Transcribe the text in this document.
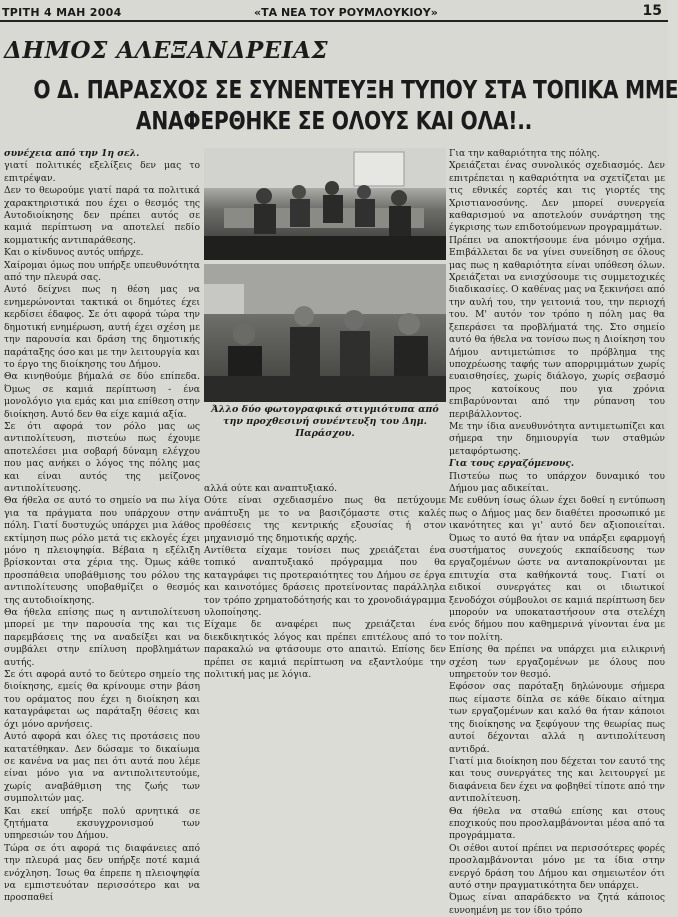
ΤΡΙΤΗ 4 ΜΑΗ 2004	«ΤΑ ΝΕΑ ΤΟΥ ΡΟΥΜΛΟΥΚΙΟΥ»	15
ΔΗΜΟΣ ΑΛΕΞΑΝΔΡΕΙΑΣ
Ο Δ. ΠΑΡΑΣΧΟΣ ΣΕ ΣΥΝΕΝΤΕΥΞΗ ΤΥΠΟΥ ΣΤΑ ΤΟΠΙΚΑ ΜΜΕ
ΑΝΑΦΕΡΘΗΚΕ ΣΕ ΟΛΟΥΣ ΚΑΙ ΟΛΑ!..

συνέχεια από την 1η σελ.

γιατί πολιτικές εξελίξεις δεν μας το επιτρέψαν.

Δεν το θεωρούμε γιατί παρά τα πολιτικά χαρακτηριστικά που έχει ο θεσμός της Αυτοδιοίκησης δεν πρέπει αυτός σε καμιά περίπτωση να αποτελεί πεδίο κομματικής αντιπαράθεσης.

Και ο κίνδυνος αυτός υπήρχε.

Χαίρομαι όμως που υπήρξε υπευθυνότητα από την πλευρά σας.

Αυτό δείχνει πως η θέση μας να ενημερώνονται τακτικά οι δημότες έχει κερδίσει έδαφος. Σε ότι αφορά τώρα την δημοτική ενημέρωση, αυτή έχει σχέση με την παρουσία και δράση της δημοτικής παράταξης όσο και με την λειτουργία και το έργο της διοίκησης του Δήμου.

Θα κινηθούμε βήμαλά σε δύο επίπεδα. Όμως σε καμιά περίπτωση - ένα μονολόγιο για εμάς και μια επίθεση στην διοίκηση. Αυτό δεν θα είχε καμιά αξία.

Σε ότι αφορά τον ρόλο μας ως αντιπολίτευση, πιστεύω πως έχουμε αποτελέσει μια σοβαρή δύναμη ελέγχου που μας ανήκει ο λόγος της πόλης μας και είναι αυτός της μείζονος αντιπολίτευσης.

Θα ήθελα σε αυτό το σημείο να πω λίγα για τα πράγματα που υπάρχουν στην πόλη. Γιατί δυστυχώς υπάρχει μια λάθος εκτίμηση πως ρόλο μετά τις εκλογές έχει μόνο η πλειοψηφία. Βέβαια η εξέλιξη βρίσκονται στα χέρια της. Όμως κάθε προσπάθεια υποβάθμισης του ρόλου της αντιπολίτευσης υποβαθμίζει ο θεσμός της αυτοδιοίκησης.

Θα ήθελα επίσης πως η αντιπολίτευση μπορεί με την παρουσία της και τις παρεμβάσεις της να αναδείξει και να συμβάλει στην επίλυση προβλημάτων αυτής.

Σε ότι αφορά αυτό το δεύτερο σημείο της διοίκησης, εμείς θα κρίνουμε στην βάση του οράματος που έχει η διοίκηση και καταγράφεται ως παράταξη θέσεις και όχι μόνο αρνήσεις.

Αυτό αφορά και όλες τις προτάσεις που κατατέθηκαν. Δεν δώσαμε το δικαίωμα σε κανένα να μας πει ότι αυτά που λέμε είναι μόνο για να αντιπολιτευτούμε, χωρίς αναβάθμιση της ζωής των συμπολιτών μας.

Και εκεί υπήρξε πολύ αρνητικά σε ζητήματα εκσυγχρονισμού των υπηρεσιών του Δήμου.

Τώρα σε ότι αφορά τις διαφάνειες από την πλευρά μας δεν υπήρξε ποτέ καμιά ενόχληση. Ίσως θα έπρεπε η πλειοψηφία να εμπιστευόταν περισσότερο και να προσπαθεί

Άλλο δύο φωτογραφικά στιγμιότυπα από την προχθεσινή συνέντευξη του Δημ. Παράσχου.

αλλά ούτε και αναπτυξιακό.

Ούτε είναι σχεδιασμένο πως θα πετύχουμε ανάπτυξη με το να βασιζόμαστε στις καλές προθέσεις της κεντρικής εξουσίας ή στον μηχανισμό της δημοτικής αρχής.

Αντίθετα είχαμε τονίσει πως χρειάζεται ένα τοπικό αναπτυξιακό πρόγραμμα που θα καταγράφει τις προτεραιότητες του Δήμου σε έργα και καινοτόμες δράσεις προτείνοντας παράλληλα τον τρόπο χρηματοδότησής και το χρονοδιάγραμμα υλοποίησης.

Είχαμε δε αναφέρει πως χρειάζεται ένα διεκδικητικός λόγος και πρέπει επιτέλους από το παρακαλώ να φτάσουμε στο απαιτώ. Επίσης δεν πρέπει σε καμιά περίπτωση να εξαντλούμε την πολιτική μας με λόγια.

Για την καθαριότητα της πόλης.

Χρειάζεται ένας συνολικός σχεδιασμός. Δεν επιτρέπεται η καθαριότητα να σχετίζεται με τις εθνικές εορτές και τις γιορτές της Χριστιανοσύνης. Δεν μπορεί συνεργεία καθαρισμού να αποτελούν συνάρτηση της έγκρισης των επιδοτούμενων προγραμμάτων.

Πρέπει να αποκτήσουμε ένα μόνιμο σχήμα. Επιβάλλεται δε να γίνει συνείδηση σε όλους μας πως η καθαριότητα είναι υπόθεση όλων. Χρειάζεται να ενισχύσουμε τις συμμετοχικές διαδικασίες. Ο καθένας μας να ξεκινήσει από την αυλή του, την γειτονιά του, την περιοχή του. Μ' αυτόν τον τρόπο η πόλη μας θα ξεπεράσει τα προβλήματά της. Στο σημείο αυτό θα ήθελα να τονίσω πως η Διοίκηση του Δήμου αντιμετώπισε το πρόβλημα της υποχρέωσης ταφής των απορριμμάτων χωρίς ευαισθησίες, χωρίς διάλογο, χωρίς σεβασμό προς κατοίκους που για χρόνια επιβαρύνονται από την ρύπανση του περιβάλλοντος.

Με την ίδια ανευθυνότητα αντιμετωπίζει και σήμερα την δημιουργία των σταθμών μεταφόρτωσης.

Για τους εργαζόμενους.

Πιστεύω πως το υπάρχον δυναμικό του Δήμου μας αδικείται.

Με ευθύνη ίσως όλων έχει δοθεί η εντύπωση πως ο Δήμος μας δεν διαθέτει προσωπικό με ικανότητες και γι' αυτό δεν αξιοποιείται. Όμως το αυτό θα ήταν να υπάρξει εφαρμογή συστήματος συνεχούς εκπαίδευσης των εργαζομένων ώστε να ανταποκρίνονται με επιτυχία στα καθήκοντά τους. Γιατί οι ειδικοί συνεργάτες και οι ιδιωτικοί ξενοδόχοι σύμβουλοι σε καμιά περίπτωση δεν μπορούν να υποκαταστήσουν στα στελέχη ενός δήμου που καθημερινά γίνονται ένα με τον πολίτη.

Επίσης θα πρέπει να υπάρχει μια ειλικρινή σχέση των εργαζομένων με όλους που υπηρετούν τον θεσμό.

Εφόσον σας παρόταξη δηλώνουμε σήμερα πως είμαστε δίπλα σε κάθε δίκαιο αίτημα των εργαζομένων και καλό θα ήταν κάποιοι της διοίκησης να ξεφύγουν της θεωρίας πως αυτοί δέχονται αλλά η αντιπολίτευση αντιδρά.

Γιατί μια διοίκηση που δέχεται τον εαυτό της και τους συνεργάτες της και λειτουργεί με διαφάνεια δεν έχει να φοβηθεί τίποτε από την αντιπολίτευση.

Θα ήθελα να σταθώ επίσης και στους εποχικούς που προσλαμβάνονται μέσα από τα προγράμματα.

Οι σέθοι αυτοί πρέπει να περισσότερες φορές προσλαμβάνονται μόνο με τα ίδια στην ενεργό δράση του Δήμου και σημειωτέον ότι αυτό στην πραγματικότητα δεν υπάρχει.

Όμως είναι απαράδεκτο να ζητά κάποιος ευνοημένη με τον ίδιο τρόπο
